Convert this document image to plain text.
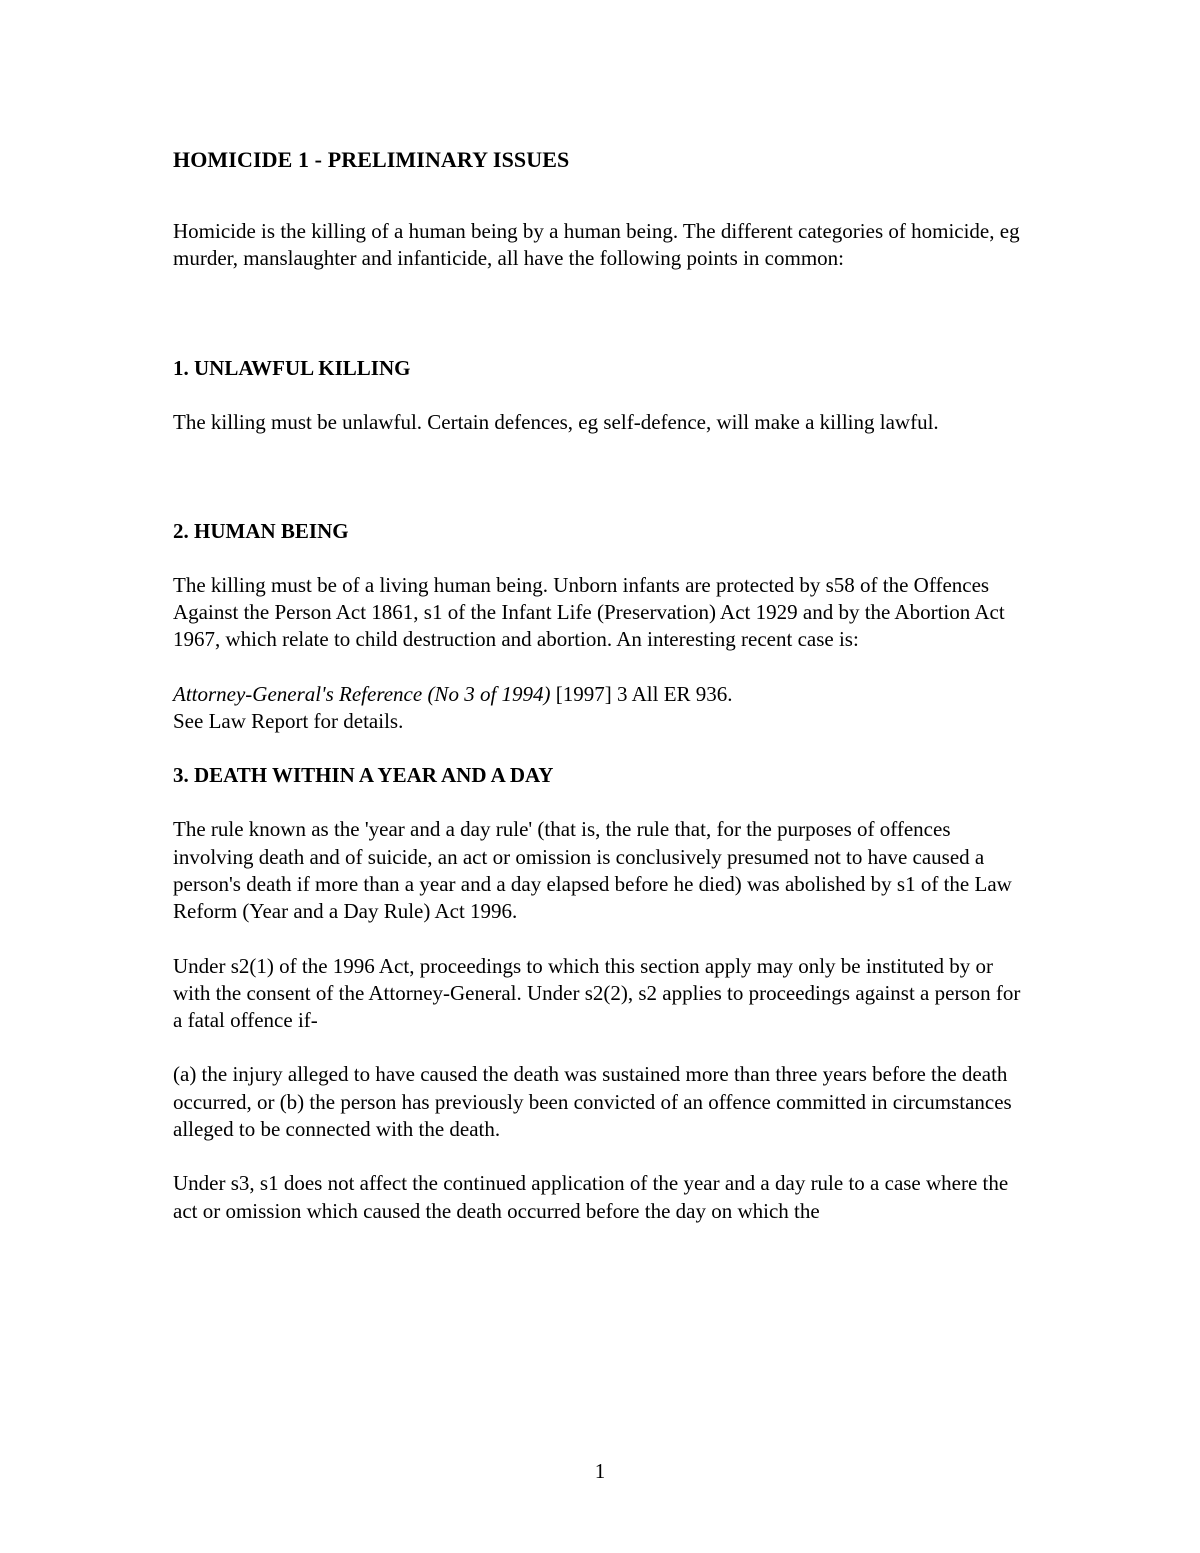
HOMICIDE 1 - PRELIMINARY ISSUES

Homicide is the killing of a human being by a human being. The different categories of homicide, eg murder, manslaughter and infanticide, all have the following points in common:

1. UNLAWFUL KILLING

The killing must be unlawful. Certain defences, eg self-defence, will make a killing lawful.

2. HUMAN BEING

The killing must be of a living human being. Unborn infants are protected by s58 of the Offences Against the Person Act 1861, s1 of the Infant Life (Preservation) Act 1929 and by the Abortion Act 1967, which relate to child destruction and abortion. An interesting recent case is:

Attorney-General's Reference (No 3 of 1994) [1997] 3 All ER 936.
See Law Report for details.
3. DEATH WITHIN A YEAR AND A DAY

The rule known as the 'year and a day rule' (that is, the rule that, for the purposes of offences involving death and of suicide, an act or omission is conclusively presumed not to have caused a person's death if more than a year and a day elapsed before he died) was abolished by s1 of the Law Reform (Year and a Day Rule) Act 1996.

Under s2(1) of the 1996 Act, proceedings to which this section apply may only be instituted by or with the consent of the Attorney-General. Under s2(2), s2 applies to proceedings against a person for a fatal offence if-

(a) the injury alleged to have caused the death was sustained more than three years before the death occurred, or (b) the person has previously been convicted of an offence committed in circumstances alleged to be connected with the death.

Under s3, s1 does not affect the continued application of the year and a day rule to a case where the act or omission which caused the death occurred before the day on which the

1
